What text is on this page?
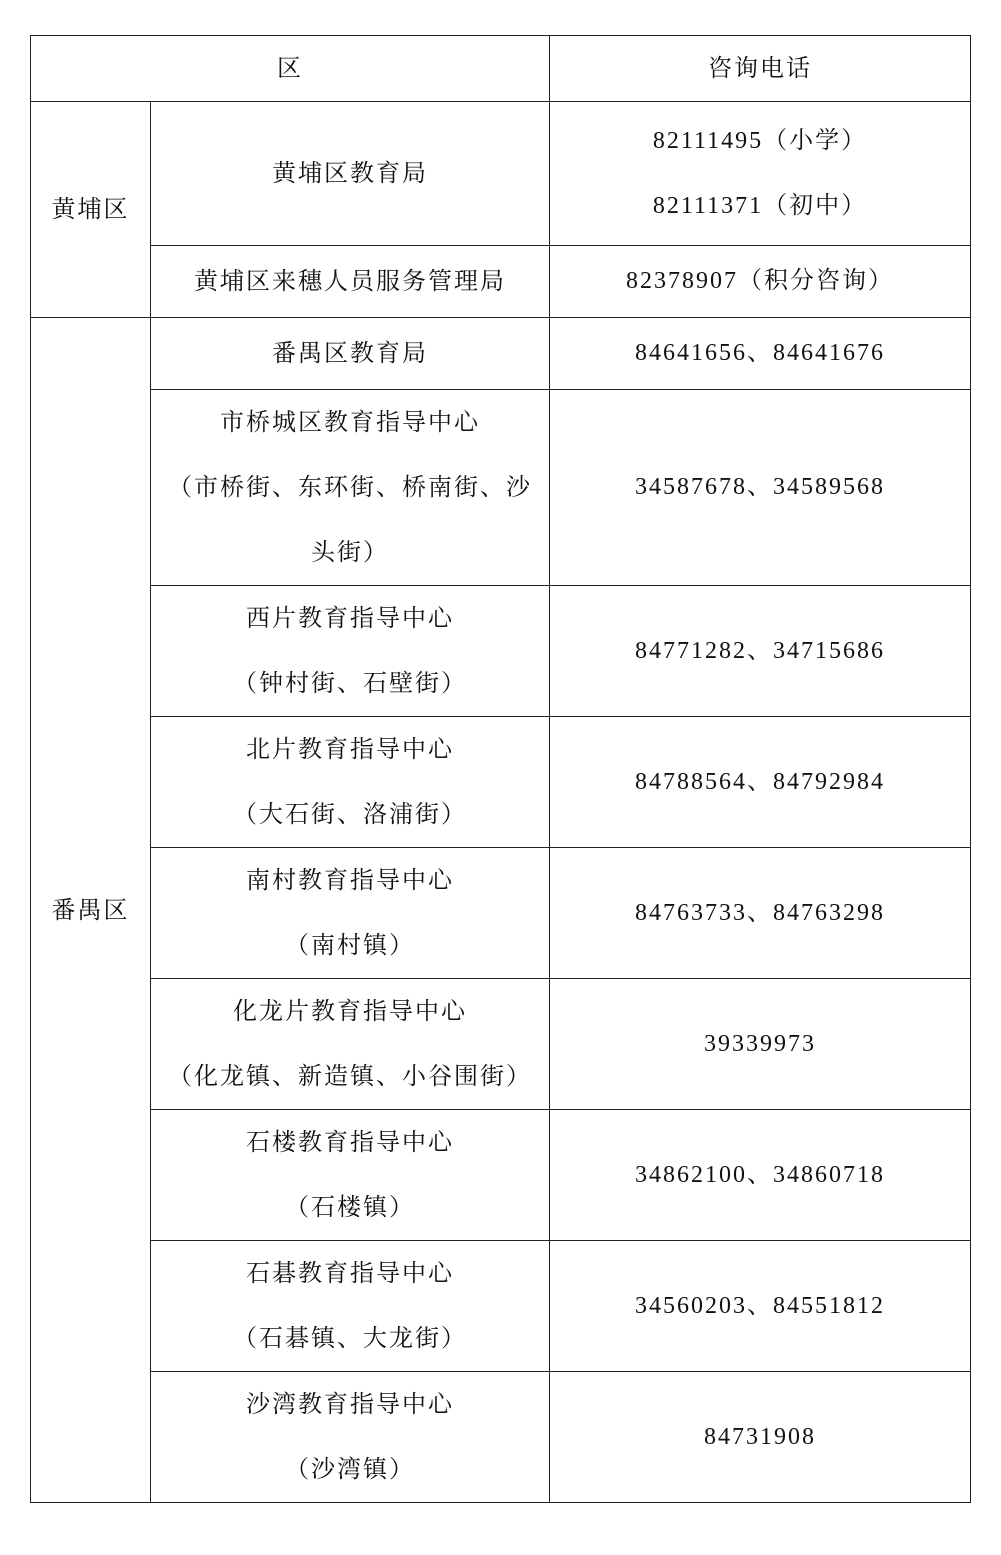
区		咨询电话
黄埔区	黄埔区教育局	82111495（小学）
82111371（初中）

	黄埔区来穗人员服务管理局	82378907（积分咨询）

番禺区	番禺区教育局	84641656、84641676

	市桥城区教育指导中心
（市桥街、东环街、桥南街、沙
头街）	34587678、34589568

	西片教育指导中心
（钟村街、石壁街）	84771282、34715686

	北片教育指导中心
（大石街、洛浦街）	84788564、84792984

	南村教育指导中心
（南村镇）	84763733、84763298

	化龙片教育指导中心
（化龙镇、新造镇、小谷围街）	39339973

	石楼教育指导中心
（石楼镇）	34862100、34860718

	石碁教育指导中心
（石碁镇、大龙街）	34560203、84551812

	沙湾教育指导中心
（沙湾镇）	84731908
